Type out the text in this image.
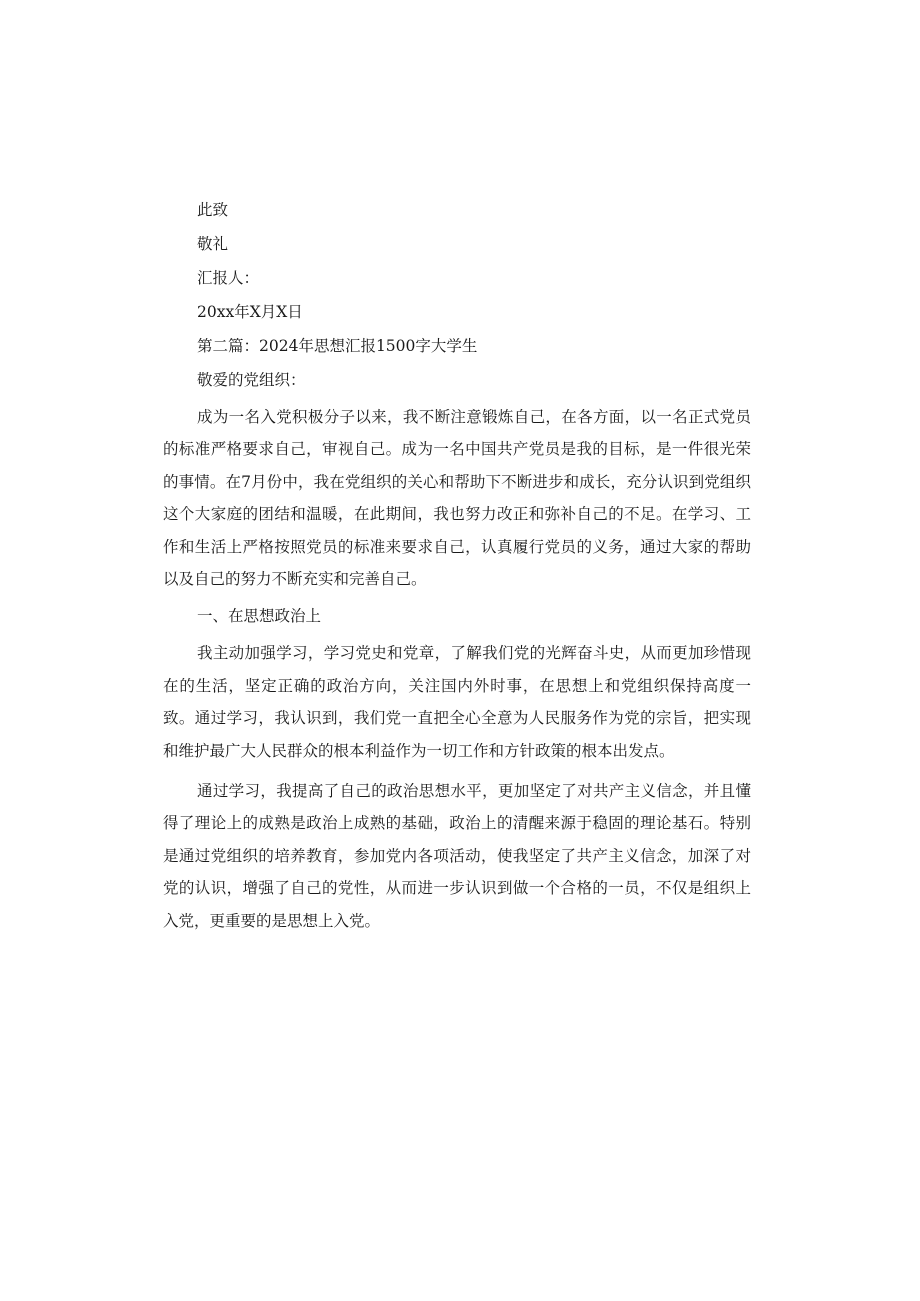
此致
敬礼
汇报人：
20xx年X月X日
第二篇：2024年思想汇报1500字大学生
敬爱的党组织：

成为一名入党积极分子以来，我不断注意锻炼自己，在各方面，以一名正式党员的标准严格要求自己，审视自己。成为一名中国共产党员是我的目标，是一件很光荣的事情。在7月份中，我在党组织的关心和帮助下不断进步和成长，充分认识到党组织这个大家庭的团结和温暖，在此期间，我也努力改正和弥补自己的不足。在学习、工作和生活上严格按照党员的标准来要求自己，认真履行党员的义务，通过大家的帮助以及自己的努力不断充实和完善自己。

一、在思想政治上

我主动加强学习，学习党史和党章，了解我们党的光辉奋斗史，从而更加珍惜现在的生活，坚定正确的政治方向，关注国内外时事，在思想上和党组织保持高度一致。通过学习，我认识到，我们党一直把全心全意为人民服务作为党的宗旨，把实现和维护最广大人民群众的根本利益作为一切工作和方针政策的根本出发点。

通过学习，我提高了自己的政治思想水平，更加坚定了对共产主义信念，并且懂得了理论上的成熟是政治上成熟的基础，政治上的清醒来源于稳固的理论基石。特别是通过党组织的培养教育，参加党内各项活动，使我坚定了共产主义信念，加深了对党的认识，增强了自己的党性，从而进一步认识到做一个合格的一员，不仅是组织上入党，更重要的是思想上入党。
